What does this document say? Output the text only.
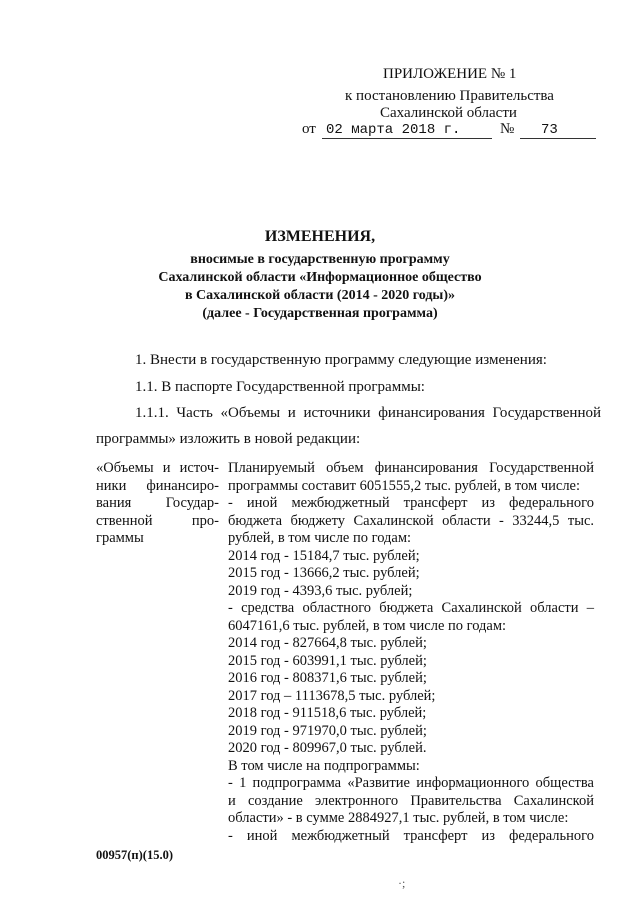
ПРИЛОЖЕНИЕ № 1
к постановлению Правительства
Сахалинской области
от 02 марта 2018 г.	№ 73
ИЗМЕНЕНИЯ,
вносимые в государственную программу
Сахалинской области «Информационное общество
в Сахалинской области (2014 - 2020 годы)»
(далее - Государственная программа)
1. Внести в государственную программу следующие изменения:
1.1. В паспорте Государственной программы:
1.1.1. Часть «Объемы и источники финансирования Государственной
программы» изложить в новой редакции:
«Объемы и источники финансирования Государственной программы
Планируемый объем финансирования Государственной
программы составит 6051555,2 тыс. рублей, в том числе:
- иной межбюджетный трансферт из федерального
бюджета бюджету Сахалинской области - 33244,5 тыс.
рублей, в том числе по годам:
2014 год - 15184,7 тыс. рублей;
2015 год - 13666,2 тыс. рублей;
2019 год - 4393,6 тыс. рублей;
- средства областного бюджета Сахалинской области –
6047161,6 тыс. рублей, в том числе по годам:
2014 год - 827664,8 тыс. рублей;
2015 год - 603991,1 тыс. рублей;
2016 год - 808371,6 тыс. рублей;
2017 год – 1113678,5 тыс. рублей;
2018 год - 911518,6 тыс. рублей;
2019 год - 971970,0 тыс. рублей;
2020 год - 809967,0 тыс. рублей.
В том числе на подпрограммы:
- 1 подпрограмма «Развитие информационного общества
и создание электронного Правительства Сахалинской
области» - в сумме 2884927,1 тыс. рублей, в том числе:
- иной межбюджетный трансферт из федерального
00957(п)(15.0)
·;
